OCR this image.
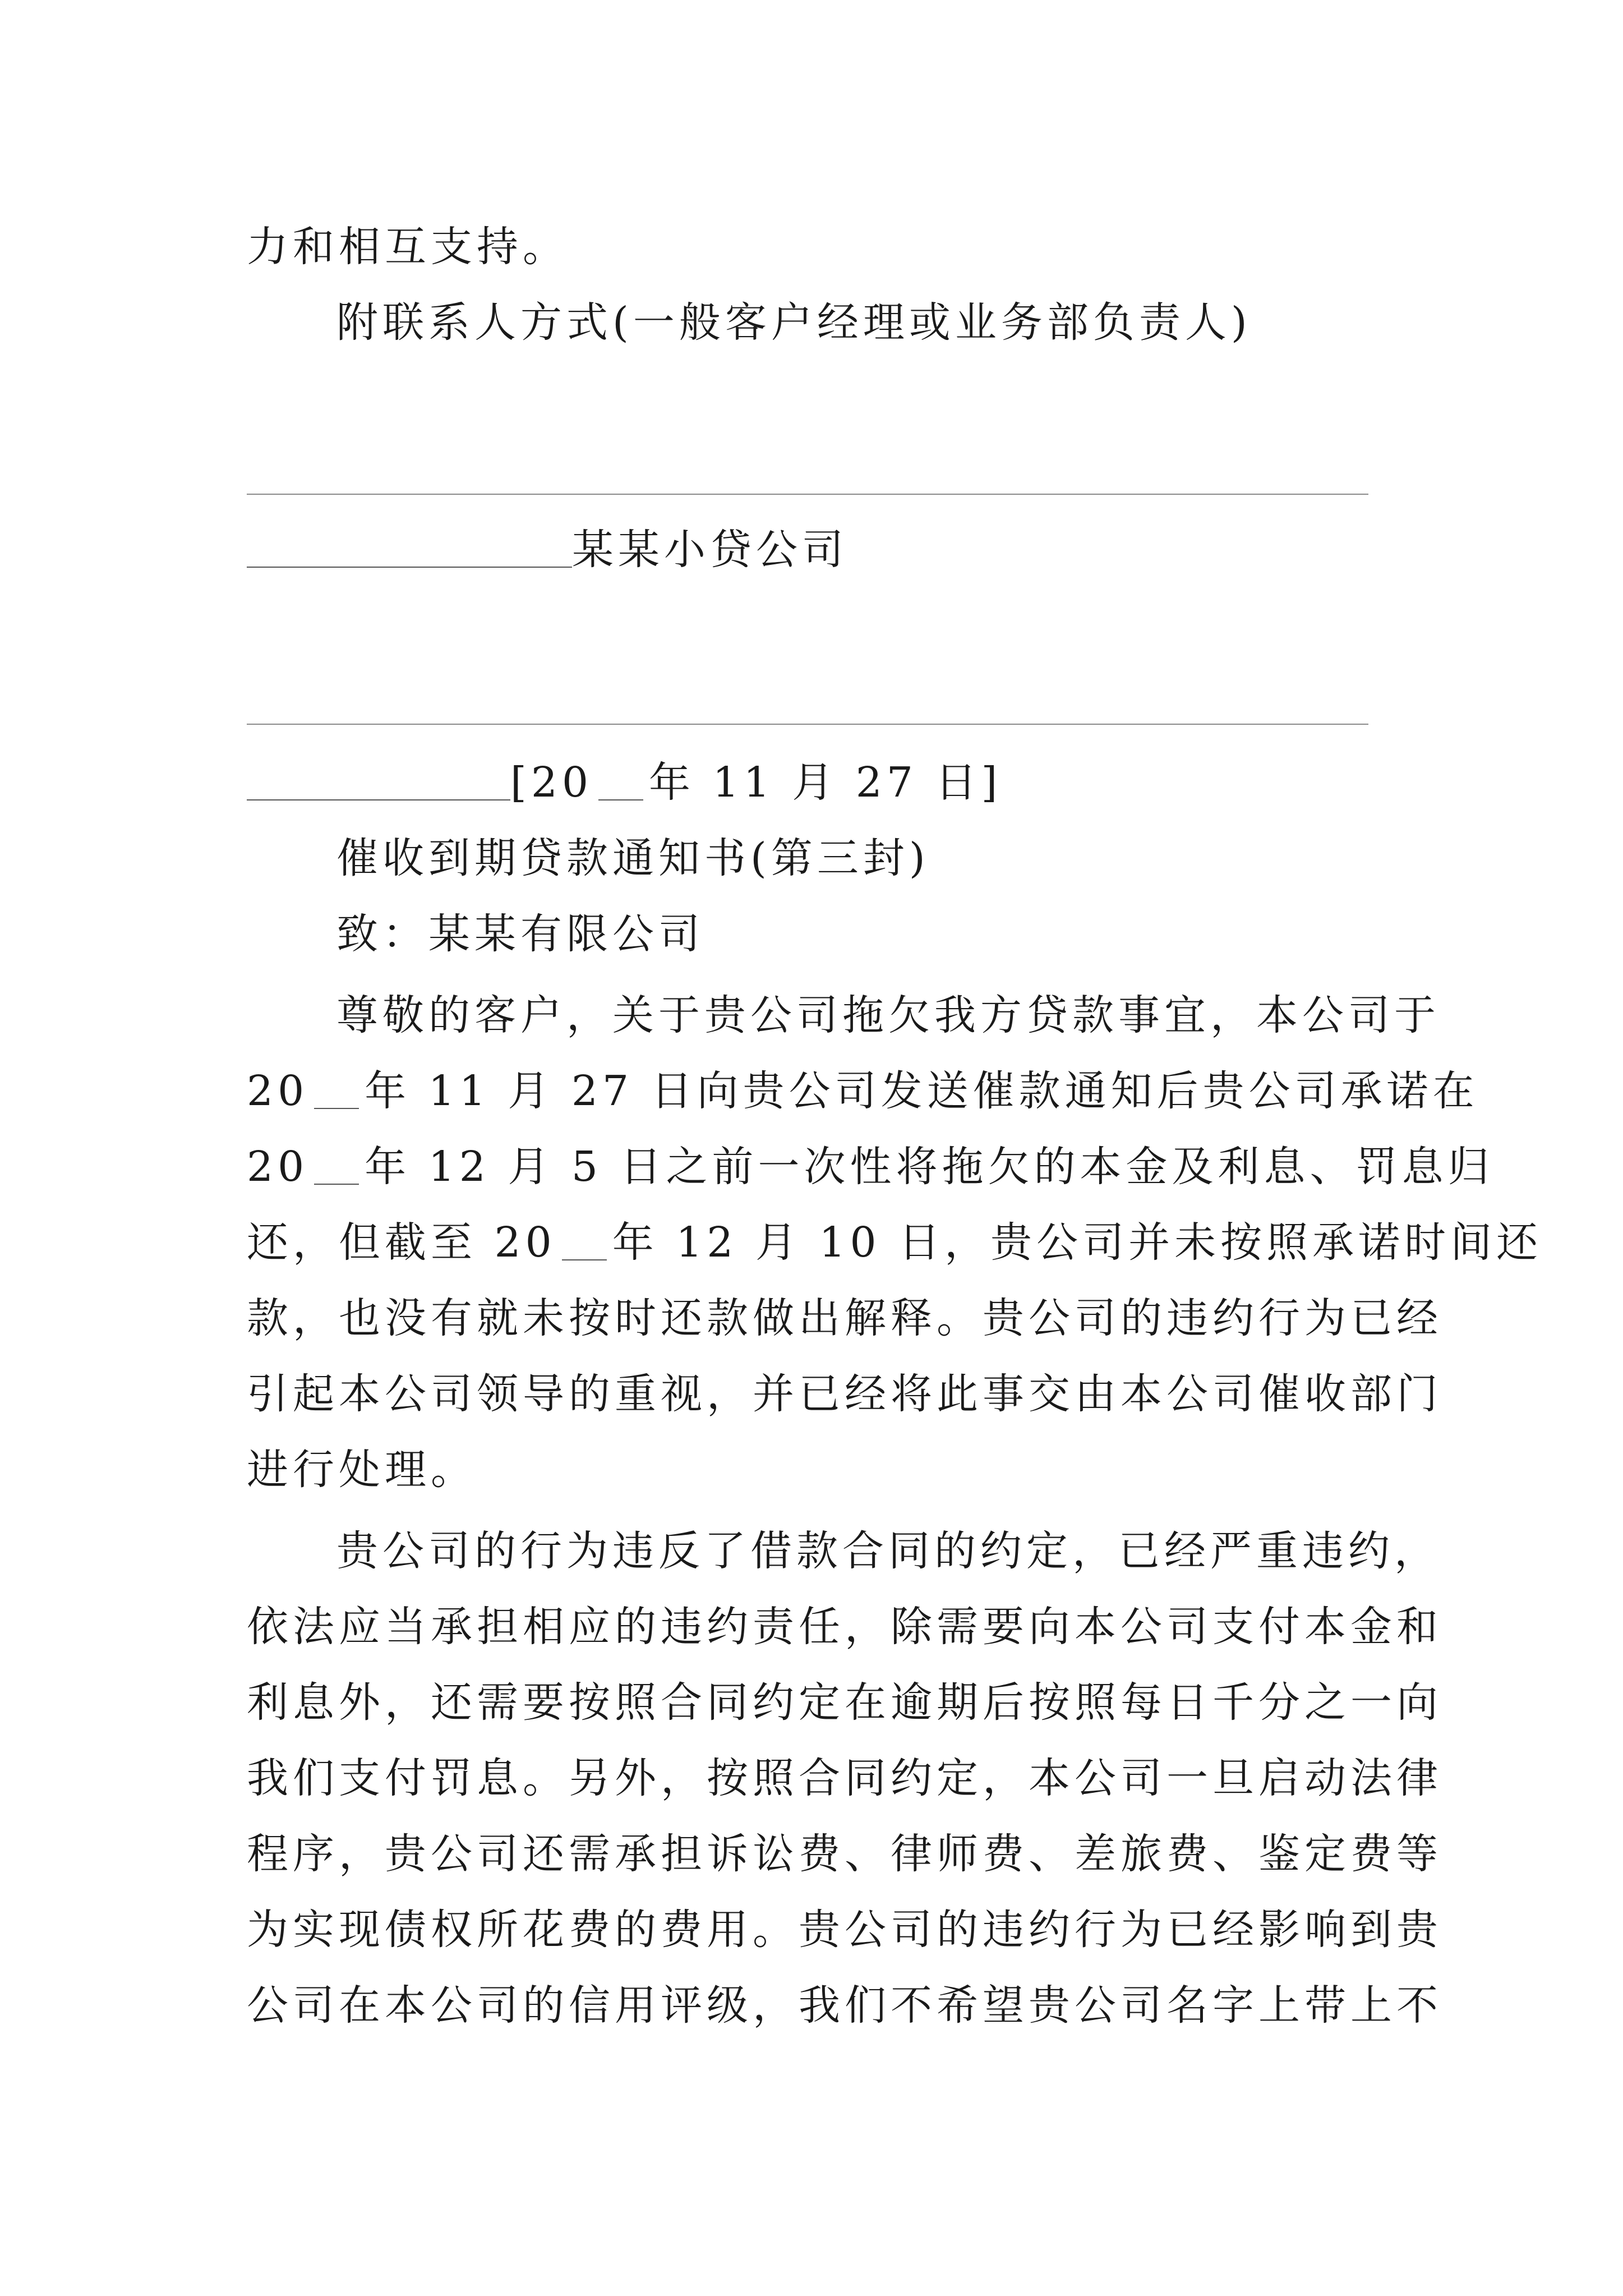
力和相互支持。
附联系人方式(一般客户经理或业务部负责人)
某某小贷公司
[20 年 11 月 27 日]
催收到期贷款通知书(第三封)
致：某某有限公司
尊敬的客户，关于贵公司拖欠我方贷款事宜，本公司于
20 年 11 月 27 日向贵公司发送催款通知后贵公司承诺在
20 年 12 月 5 日之前一次性将拖欠的本金及利息、罚息归
还，但截至 20 年 12 月 10 日，贵公司并未按照承诺时间还
款，也没有就未按时还款做出解释。贵公司的违约行为已经
引起本公司领导的重视，并已经将此事交由本公司催收部门
进行处理。
贵公司的行为违反了借款合同的约定，已经严重违约，
依法应当承担相应的违约责任，除需要向本公司支付本金和
利息外，还需要按照合同约定在逾期后按照每日千分之一向
我们支付罚息。另外，按照合同约定，本公司一旦启动法律
程序，贵公司还需承担诉讼费、律师费、差旅费、鉴定费等
为实现债权所花费的费用。贵公司的违约行为已经影响到贵
公司在本公司的信用评级，我们不希望贵公司名字上带上不
